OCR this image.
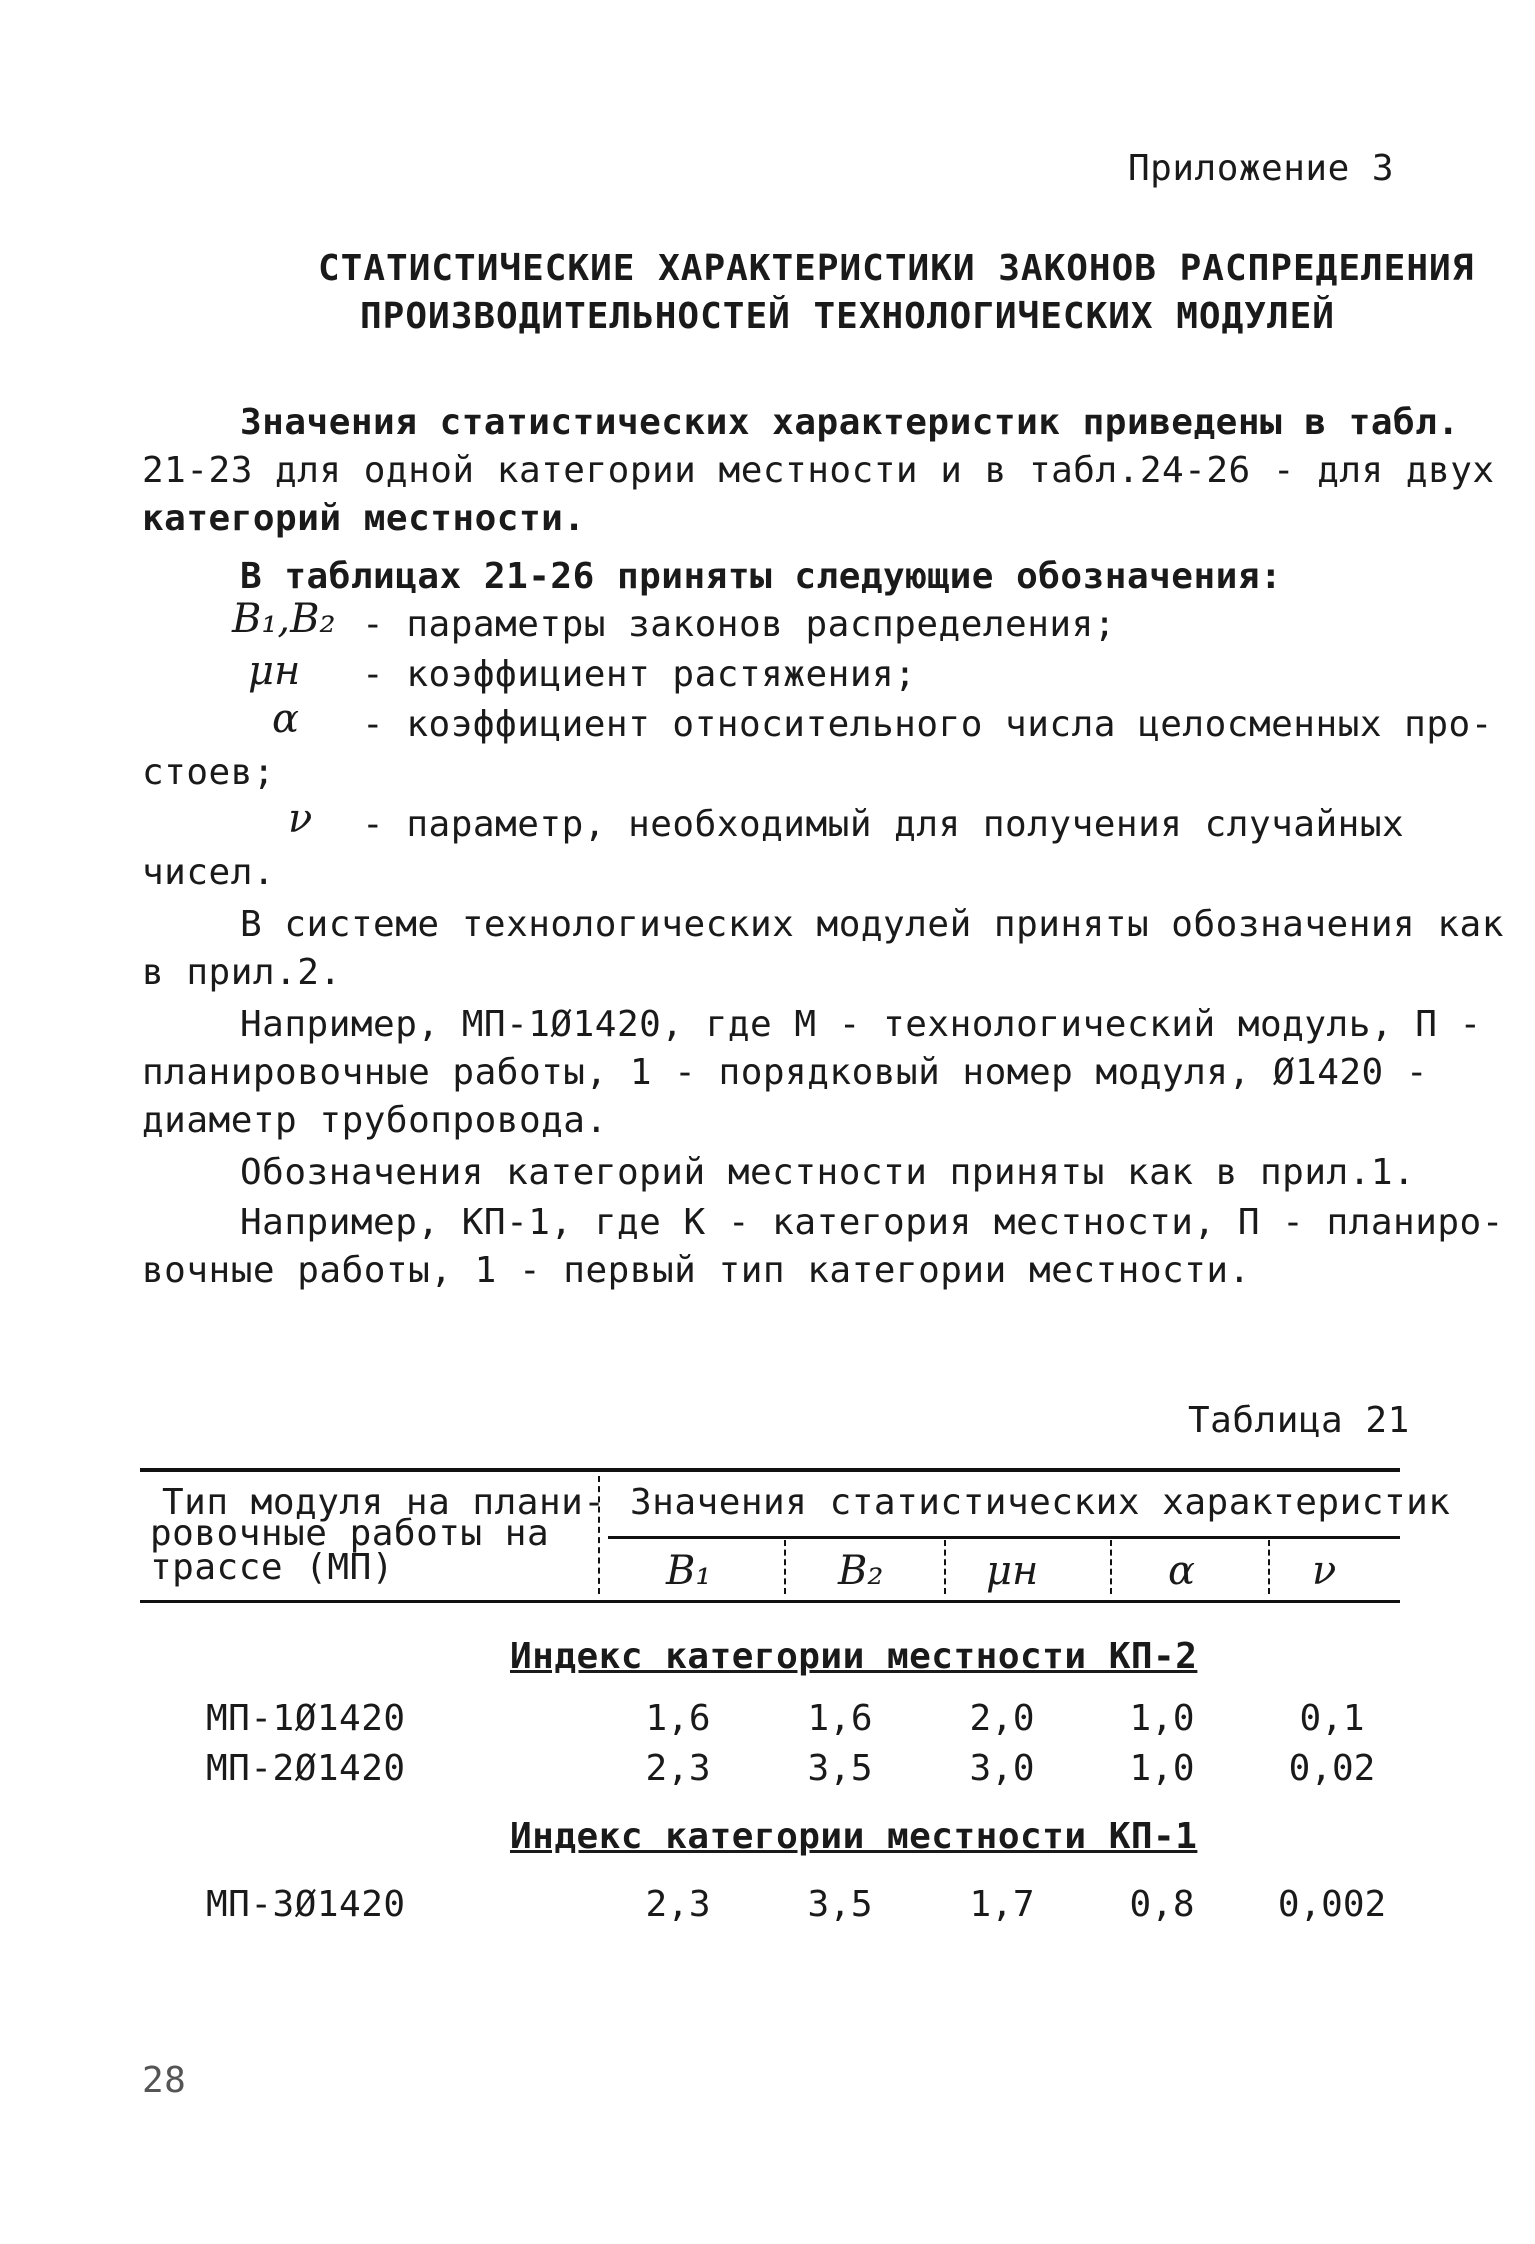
Приложение 3
СТАТИСТИЧЕСКИЕ ХАРАКТЕРИСТИКИ ЗАКОНОВ РАСПРЕДЕЛЕНИЯ
ПРОИЗВОДИТЕЛЬНОСТЕЙ ТЕХНОЛОГИЧЕСКИХ МОДУЛЕЙ
Значения статистических характеристик приведены в табл.
21-23 для одной категории местности и в табл.24-26 - для двух
категорий местности.
В таблицах 21-26 приняты следующие обозначения:
B₁,B₂ - параметры законов распределения;
μн - коэффициент растяжения;
α - коэффициент относительного числа целосменных про-
стоев;
ν - параметр, необходимый для получения случайных
чисел.
В системе технологических модулей приняты обозначения как
в прил.2.
Например, МП-1Ø1420, где М - технологический модуль, П -
планировочные работы, 1 - порядковый номер модуля, Ø1420 -
диаметр трубопровода.
Обозначения категорий местности приняты как в прил.1.
Например, КП-1, где К - категория местности, П - планиро-
вочные работы, 1 - первый тип категории местности.
Таблица 21
Тип модуля на плани-
ровочные работы на
трассе (МП)
Значения статистических характеристик
B₁	B₂	μн	α	ν
Индекс категории местности КП-2
МП-1Ø1420	1,6	1,6	2,0	1,0	0,1
МП-2Ø1420	2,3	3,5	3,0	1,0	0,02
Индекс категории местности КП-1
МП-3Ø1420	2,3	3,5	1,7	0,8	0,002
28
